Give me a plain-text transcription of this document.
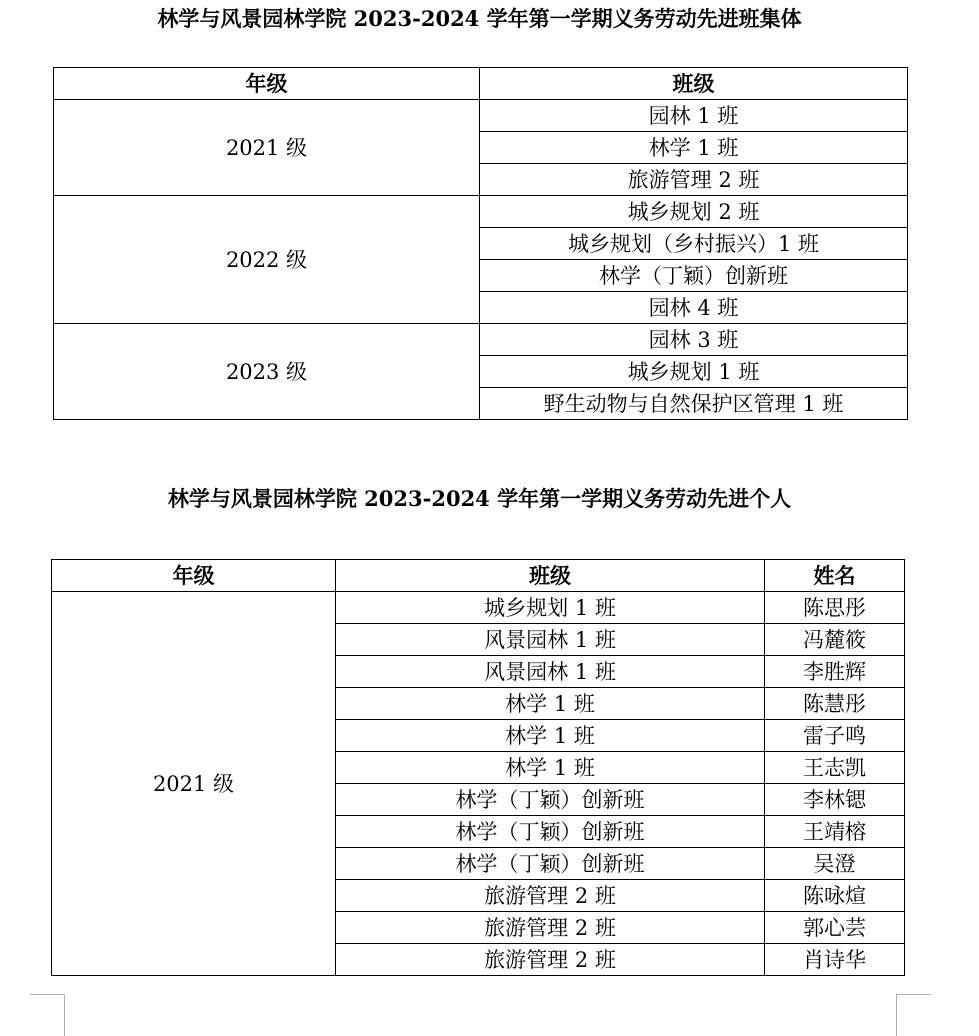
林学与风景园林学院 2023-2024 学年第一学期义务劳动先进班集体
年级	班级
2021 级	园林 1 班
	林学 1 班
	旅游管理 2 班
2022 级	城乡规划 2 班
	城乡规划（乡村振兴）1 班
	林学（丁颖）创新班
	园林 4 班
2023 级	园林 3 班
	城乡规划 1 班
	野生动物与自然保护区管理 1 班
林学与风景园林学院 2023-2024 学年第一学期义务劳动先进个人
年级	班级	姓名
2021 级	城乡规划 1 班	陈思彤
	风景园林 1 班	冯麓筱
	风景园林 1 班	李胜辉
	林学 1 班	陈慧彤
	林学 1 班	雷子鸣
	林学 1 班	王志凯
	林学（丁颖）创新班	李林锶
	林学（丁颖）创新班	王靖榕
	林学（丁颖）创新班	吴澄
	旅游管理 2 班	陈咏煊
	旅游管理 2 班	郭心芸
	旅游管理 2 班	肖诗华
